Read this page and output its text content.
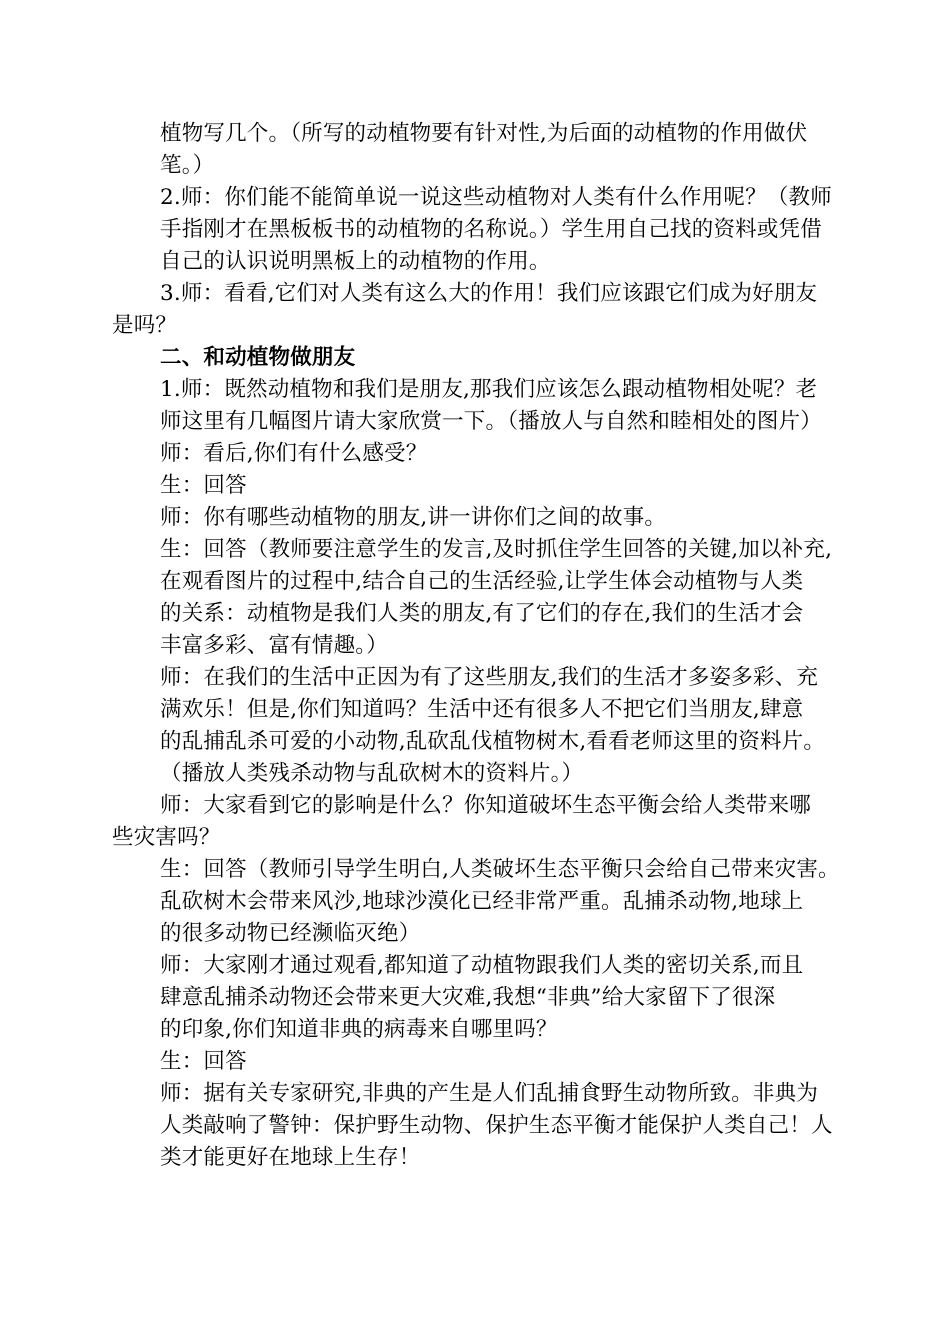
植物写几个。（所写的动植物要有针对性,为后面的动植物的作用做伏
笔。）
2.师：你们能不能简单说一说这些动植物对人类有什么作用呢？（教师
手指刚才在黑板板书的动植物的名称说。）学生用自己找的资料或凭借
自己的认识说明黑板上的动植物的作用。
3.师：看看,它们对人类有这么大的作用！我们应该跟它们成为好朋友
是吗？
二、和动植物做朋友
1.师：既然动植物和我们是朋友,那我们应该怎么跟动植物相处呢？老
师这里有几幅图片请大家欣赏一下。（播放人与自然和睦相处的图片）
师：看后,你们有什么感受？
生：回答
师：你有哪些动植物的朋友,讲一讲你们之间的故事。
生：回答（教师要注意学生的发言,及时抓住学生回答的关键,加以补充,
在观看图片的过程中,结合自己的生活经验,让学生体会动植物与人类
的关系：动植物是我们人类的朋友,有了它们的存在,我们的生活才会
丰富多彩、富有情趣。）
师：在我们的生活中正因为有了这些朋友,我们的生活才多姿多彩、充
满欢乐！但是,你们知道吗？生活中还有很多人不把它们当朋友,肆意
的乱捕乱杀可爱的小动物,乱砍乱伐植物树木,看看老师这里的资料片。
（播放人类残杀动物与乱砍树木的资料片。）
师：大家看到它的影响是什么？你知道破坏生态平衡会给人类带来哪
些灾害吗？
生：回答（教师引导学生明白,人类破坏生态平衡只会给自己带来灾害。
乱砍树木会带来风沙,地球沙漠化已经非常严重。乱捕杀动物,地球上
的很多动物已经濒临灭绝）
师：大家刚才通过观看,都知道了动植物跟我们人类的密切关系,而且
肆意乱捕杀动物还会带来更大灾难,我想“非典”给大家留下了很深
的印象,你们知道非典的病毒来自哪里吗？
生：回答
师：据有关专家研究,非典的产生是人们乱捕食野生动物所致。非典为
人类敲响了警钟：保护野生动物、保护生态平衡才能保护人类自己！人
类才能更好在地球上生存！
